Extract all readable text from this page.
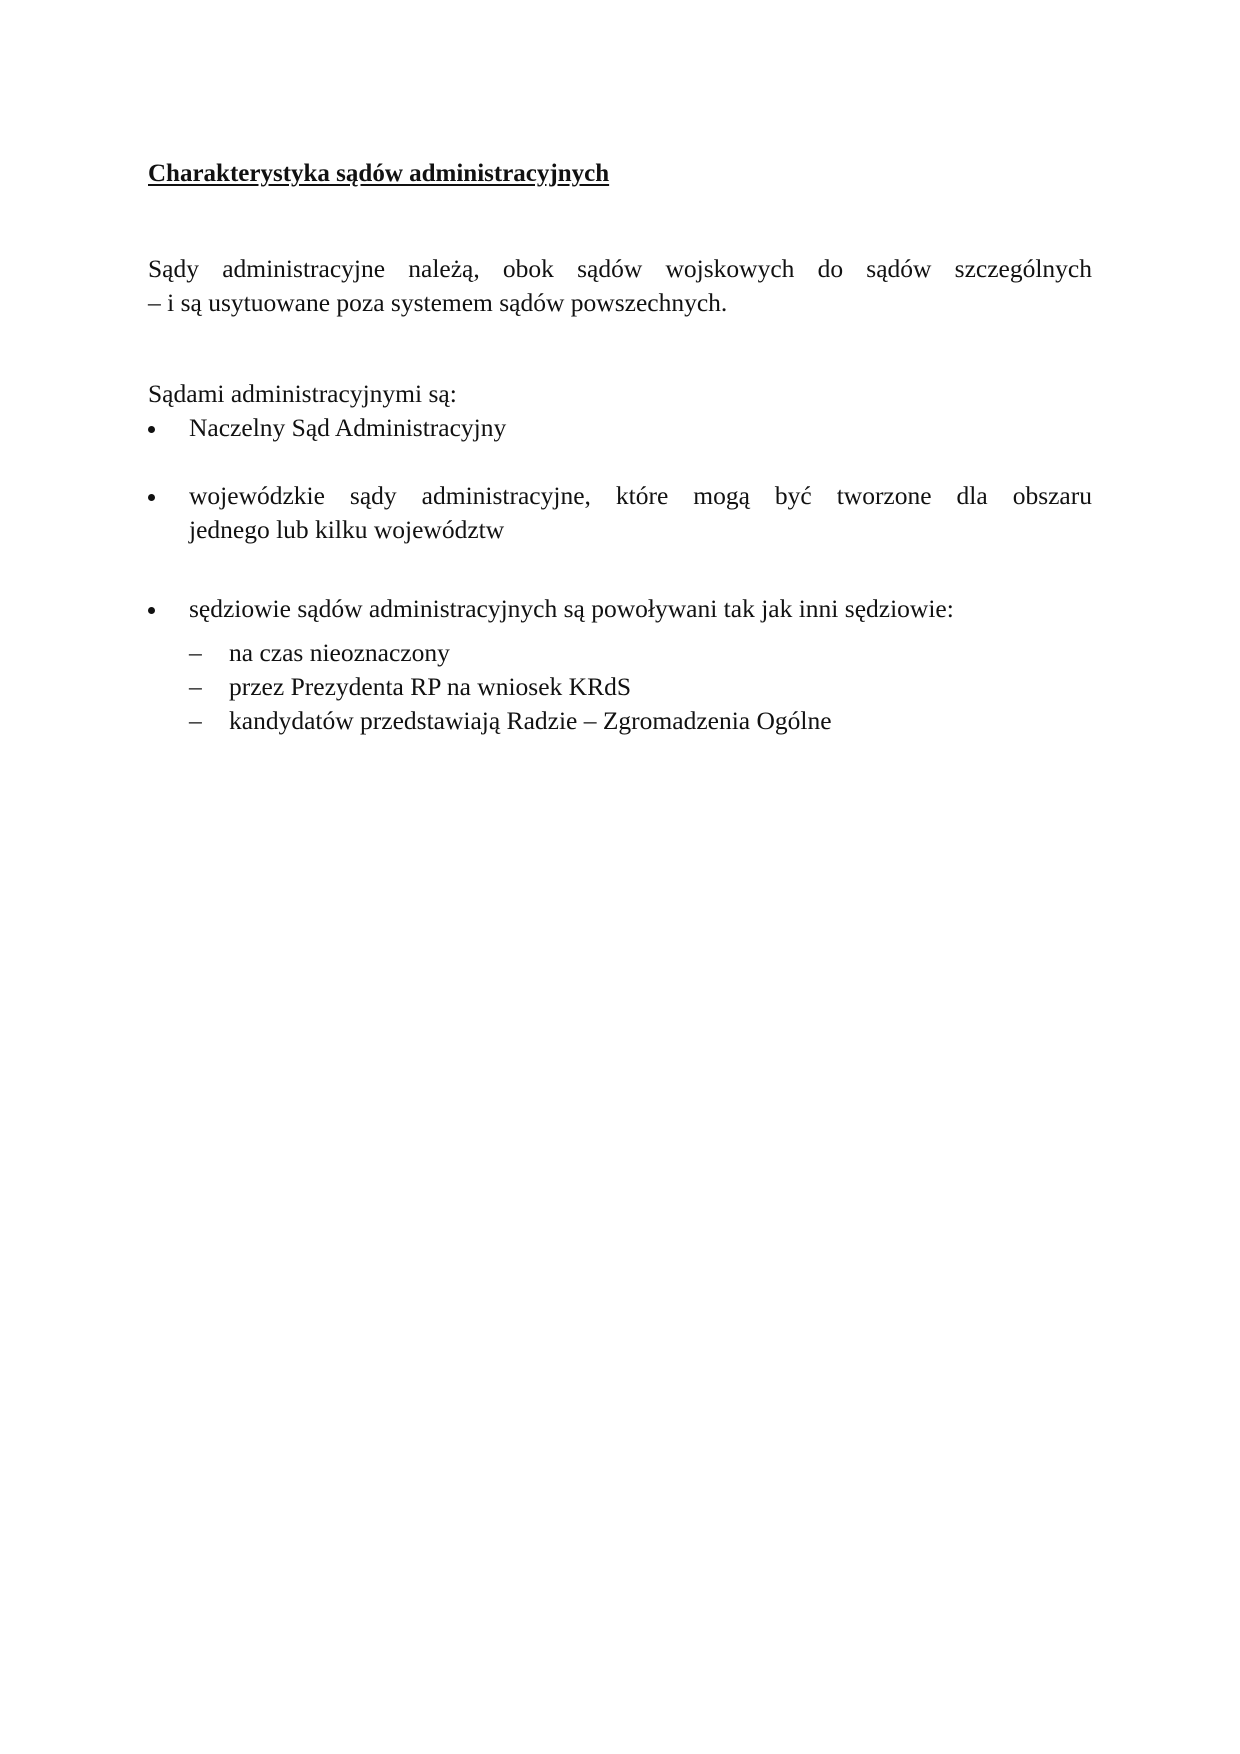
Charakterystyka sądów administracyjnych
Sądy administracyjne należą, obok sądów wojskowych do sądów szczególnych
– i są usytuowane poza systemem sądów powszechnych.
Sądami administracyjnymi są:
Naczelny Sąd Administracyjny
wojewódzkie sądy administracyjne, które mogą być tworzone dla obszaru
jednego lub kilku województw
sędziowie sądów administracyjnych są powoływani tak jak inni sędziowie:
– na czas nieoznaczony
– przez Prezydenta RP na wniosek KRdS
– kandydatów przedstawiają Radzie – Zgromadzenia Ogólne
